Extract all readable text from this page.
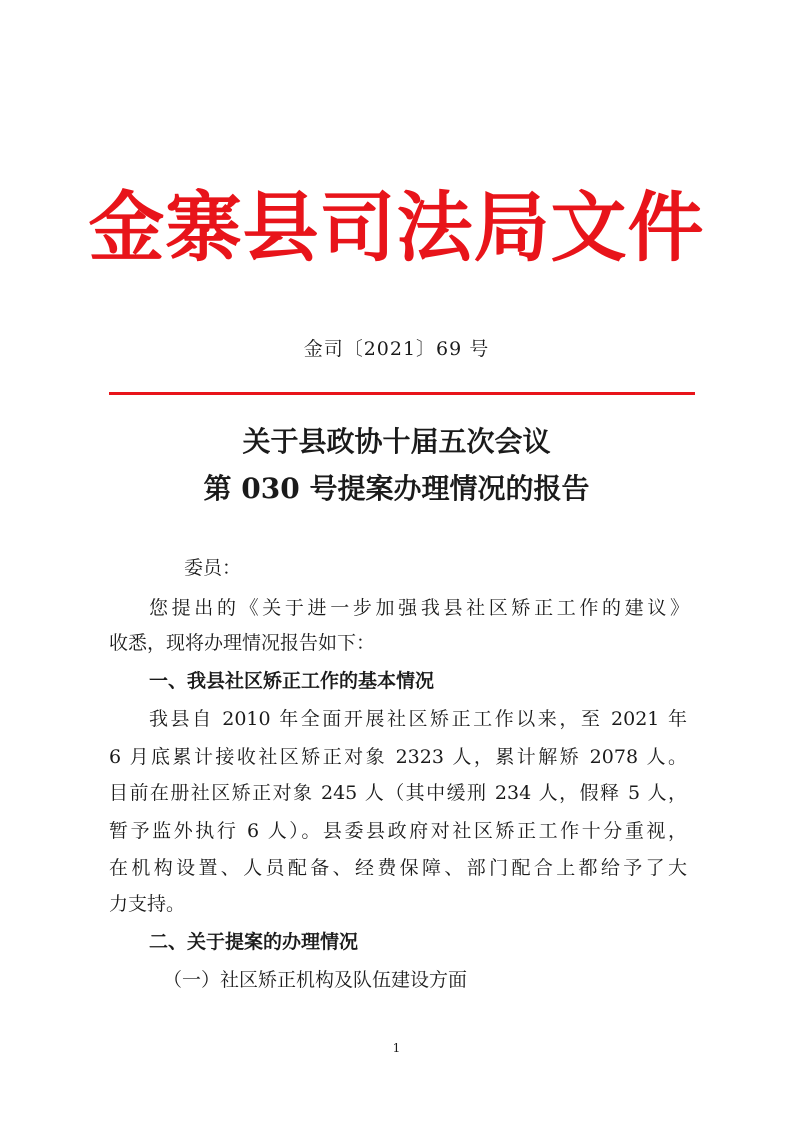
金寨县司法局文件
金司〔2021〕69 号
关于县政协十届五次会议
第 030 号提案办理情况的报告
委员：
您提出的《关于进一步加强我县社区矫正工作的建议》
收悉，现将办理情况报告如下：
一、我县社区矫正工作的基本情况
我县自 2010 年全面开展社区矫正工作以来，至 2021 年
6 月底累计接收社区矫正对象 2323 人，累计解矫 2078 人。
目前在册社区矫正对象 245 人（其中缓刑 234 人，假释 5 人，
暂予监外执行 6 人）。县委县政府对社区矫正工作十分重视，
在机构设置、人员配备、经费保障、部门配合上都给予了大
力支持。
二、关于提案的办理情况
（一）社区矫正机构及队伍建设方面
1
